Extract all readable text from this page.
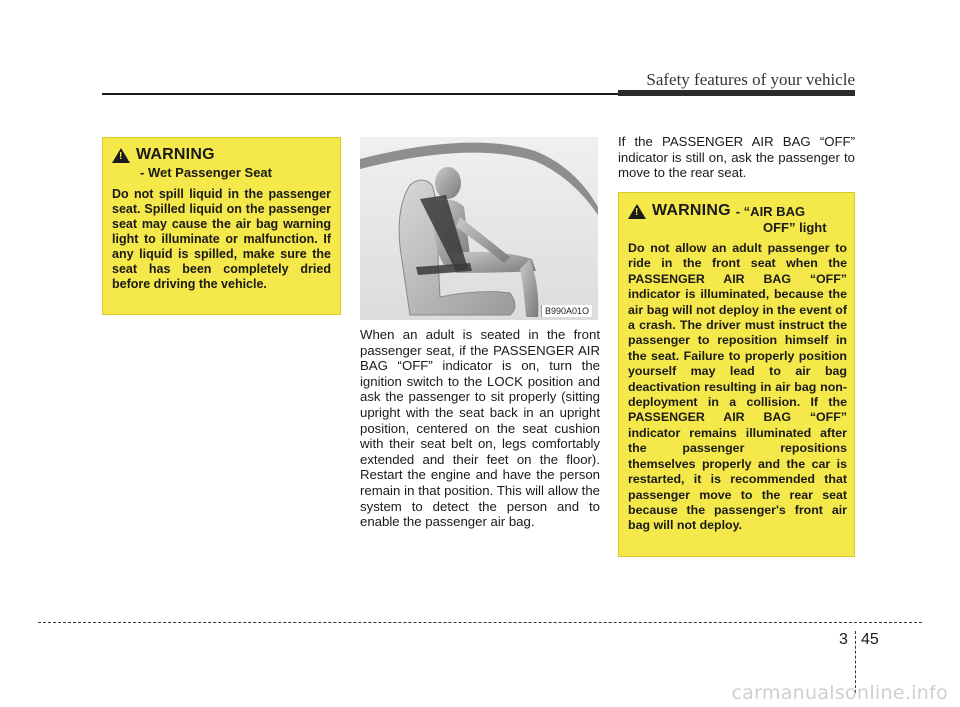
Safety features of your vehicle
! WARNING
- Wet Passenger Seat
Do not spill liquid in the passenger seat. Spilled liquid on the passenger seat may cause the air bag warning light to illuminate or malfunction. If any liquid is spilled, make sure the seat has been completely dried before driving the vehicle.
B990A01O
When an adult is seated in the front passenger seat, if the PASSENGER AIR BAG “OFF” indicator is on, turn the ignition switch to the LOCK position and ask the passenger to sit properly (sitting upright with the seat back in an upright position, centered on the seat cushion with their seat belt on, legs comfortably extended and their feet on the floor). Restart the engine and have the person remain in that position. This will allow the system to detect the person and to enable the passenger air bag.
If the PASSENGER AIR BAG “OFF” indicator is still on, ask the passenger to move to the rear seat.
! WARNING - “AIR BAG
OFF” light
Do not allow an adult passenger to ride in the front seat when the PASSENGER AIR BAG “OFF” indicator is illuminated, because the air bag will not deploy in the event of a crash. The driver must instruct the passenger to reposition himself in the seat. Failure to properly position yourself may lead to air bag deactivation resulting in air bag non-deployment in a collision. If the PASSENGER AIR BAG “OFF” indicator remains illuminated after the passenger repositions themselves properly and the car is restarted, it is recommended that passenger move to the rear seat because the passenger's front air bag will not deploy.
3 45
carmanualsonline.info
